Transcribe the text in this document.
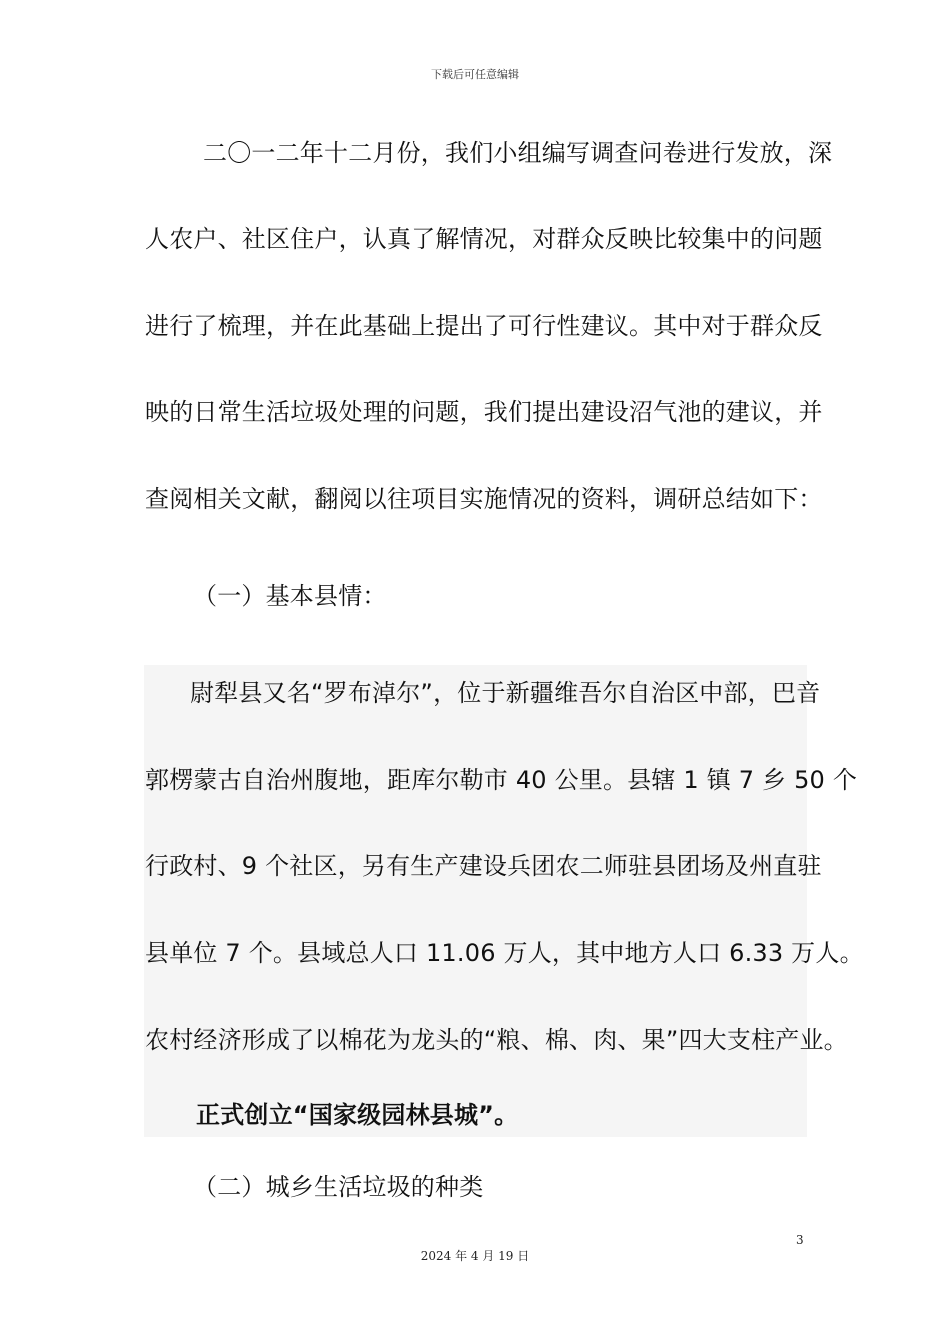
下载后可任意编辑
二〇一二年十二月份，我们小组编写调查问卷进行发放，深
人农户、社区住户，认真了解情况，对群众反映比较集中的问题
进行了梳理，并在此基础上提出了可行性建议。其中对于群众反
映的日常生活垃圾处理的问题，我们提出建设沼气池的建议，并
查阅相关文献，翻阅以往项目实施情况的资料，调研总结如下：
（一）基本县情：
尉犁县又名“罗布淖尔”，位于新疆维吾尔自治区中部，巴音
郭楞蒙古自治州腹地，距库尔勒市 40 公里。县辖 1 镇 7 乡 50 个
行政村、9 个社区，另有生产建设兵团农二师驻县团场及州直驻
县单位 7 个。县域总人口 11.06 万人，其中地方人口 6.33 万人。
农村经济形成了以棉花为龙头的“粮、棉、肉、果”四大支柱产业。
正式创立“国家级园林县城”。
（二）城乡生活垃圾的种类
3
2024 年 4 月 19 日
